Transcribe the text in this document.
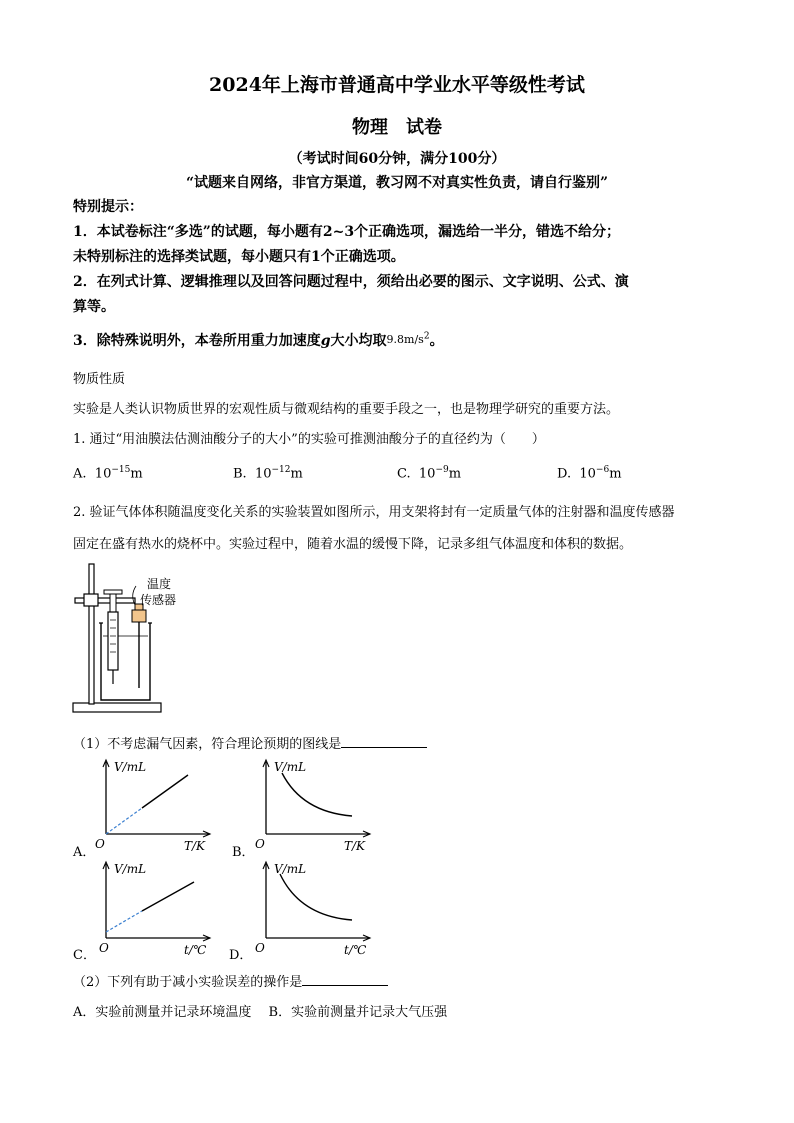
2024年上海市普通高中学业水平等级性考试
物理　试卷
（考试时间60分钟，满分100分）
“试题来自网络，非官方渠道，教习网不对真实性负责，请自行鉴别”
特别提示：
1．本试卷标注“多选”的试题，每小题有2~3个正确选项，漏选给一半分，错选不给分；
未特别标注的选择类试题，每小题只有1个正确选项。
2．在列式计算、逻辑推理以及回答问题过程中，须给出必要的图示、文字说明、公式、演
算等。
3．除特殊说明外，本卷所用重力加速度g大小均取$9.8m/s^2$。
物质性质
实验是人类认识物质世界的宏观性质与微观结构的重要手段之一，也是物理学研究的重要方法。
1. 通过“用油膜法估测油酸分子的大小”的实验可推测油酸分子的直径约为（　　）
A. $10^{-15}m$	B. $10^{-12}m$	C. $10^{-9}m$	D. $10^{-6}m$
2. 验证气体体积随温度变化关系的实验装置如图所示，用支架将封有一定质量气体的注射器和温度传感器
固定在盛有热水的烧杯中。实验过程中，随着水温的缓慢下降，记录多组气体温度和体积的数据。
温度
传感器
（1）不考虑漏气因素，符合理论预期的图线是
A．
V/mL
O	T/K B．
V/mL
O	T/K
C．
V/mL
O	t/℃ D．
V/mL
O	t/℃
（2）下列有助于减小实验误差的操作是
A．实验前测量并记录环境温度　 B．实验前测量并记录大气压强
